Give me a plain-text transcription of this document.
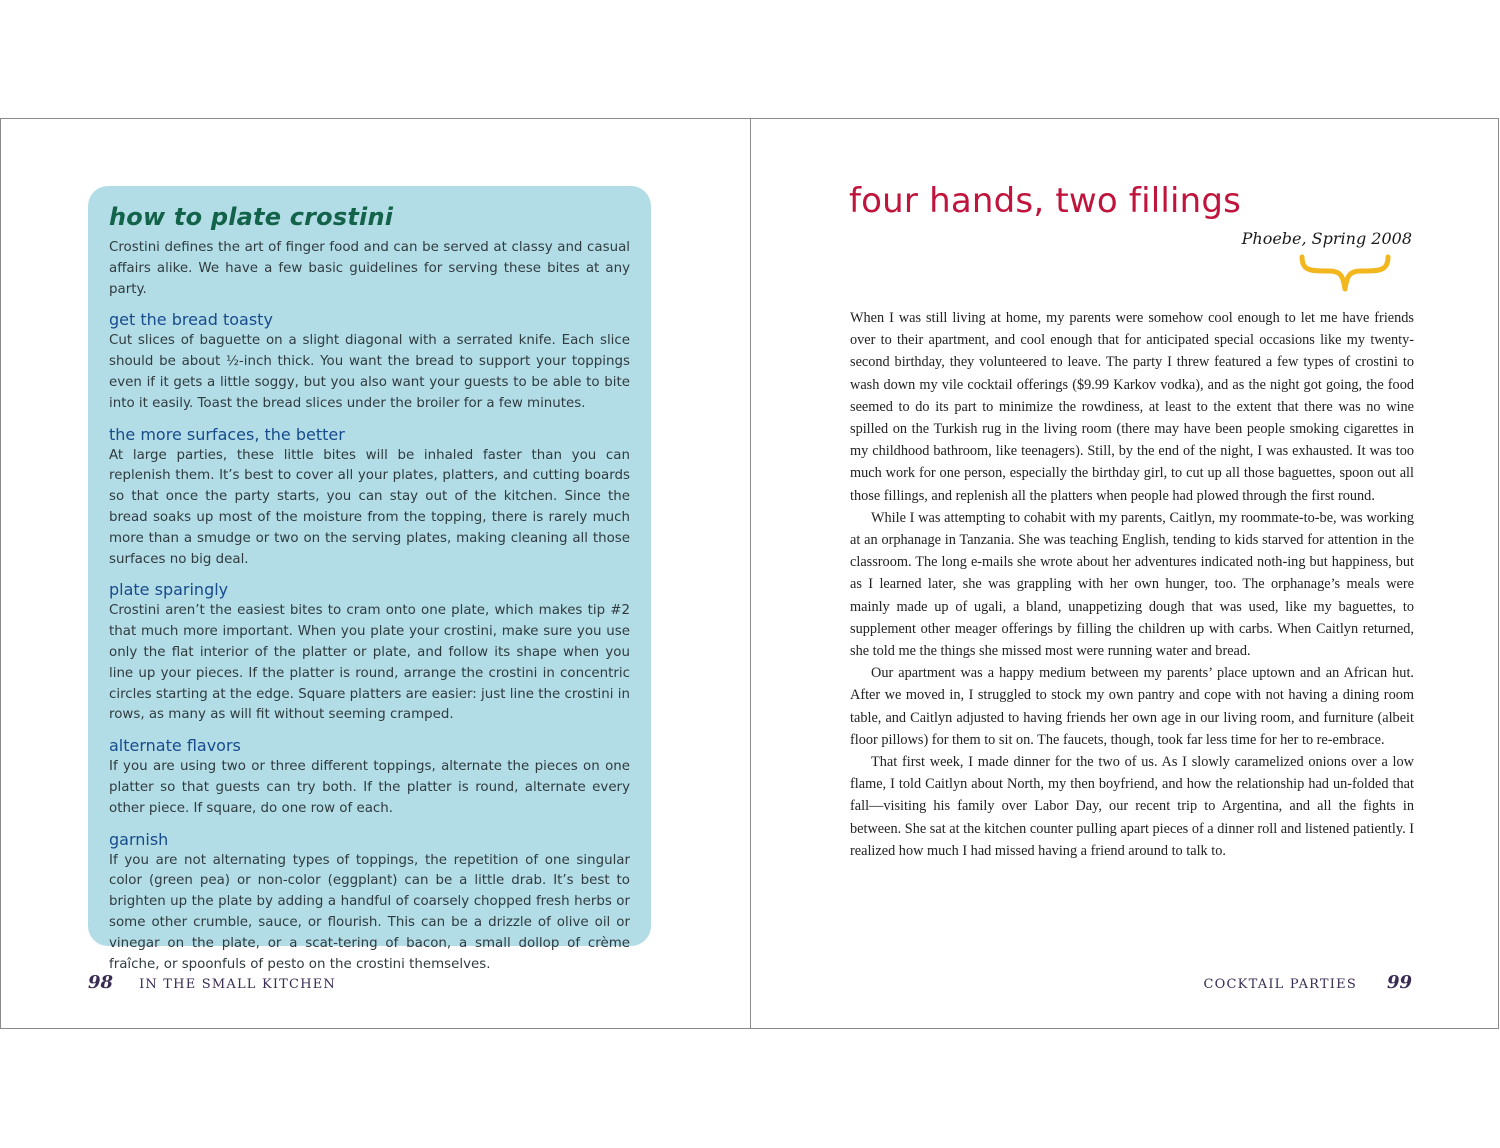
how to plate crostini

Crostini defines the art of finger food and can be served at classy and casual affairs alike. We have a few basic guidelines for serving these bites at any party.

get the bread toasty

Cut slices of baguette on a slight diagonal with a serrated knife. Each slice should be about ½-inch thick. You want the bread to support your toppings even if it gets a little soggy, but you also want your guests to be able to bite into it easily. Toast the bread slices under the broiler for a few minutes.

the more surfaces, the better

At large parties, these little bites will be inhaled faster than you can replenish them. It’s best to cover all your plates, platters, and cutting boards so that once the party starts, you can stay out of the kitchen. Since the bread soaks up most of the moisture from the topping, there is rarely much more than a smudge or two on the serving plates, making cleaning all those surfaces no big deal.

plate sparingly

Crostini aren’t the easiest bites to cram onto one plate, which makes tip #2 that much more important. When you plate your crostini, make sure you use only the flat interior of the platter or plate, and follow its shape when you line up your pieces. If the platter is round, arrange the crostini in concentric circles starting at the edge. Square platters are easier: just line the crostini in rows, as many as will fit without seeming cramped.

alternate flavors

If you are using two or three different toppings, alternate the pieces on one platter so that guests can try both. If the platter is round, alternate every other piece. If square, do one row of each.

garnish

If you are not alternating types of toppings, the repetition of one singular color (green pea) or non-color (eggplant) can be a little drab. It’s best to brighten up the plate by adding a handful of coarsely chopped fresh herbs or some other crumble, sauce, or flourish. This can be a drizzle of olive oil or vinegar on the plate, or a scat-tering of bacon, a small dollop of crème fraîche, or spoonfuls of pesto on the crostini themselves.

98 IN THE SMALL KITCHEN
four hands, two fillings
Phoebe, Spring 2008

When I was still living at home, my parents were somehow cool enough to let me have friends over to their apartment, and cool enough that for anticipated special occasions like my twenty-second birthday, they volunteered to leave. The party I threw featured a few types of crostini to wash down my vile cocktail offerings ($9.99 Karkov vodka), and as the night got going, the food seemed to do its part to minimize the rowdiness, at least to the extent that there was no wine spilled on the Turkish rug in the living room (there may have been people smoking cigarettes in my childhood bathroom, like teenagers). Still, by the end of the night, I was exhausted. It was too much work for one person, especially the birthday girl, to cut up all those baguettes, spoon out all those fillings, and replenish all the platters when people had plowed through the first round.

While I was attempting to cohabit with my parents, Caitlyn, my roommate-to-be, was working at an orphanage in Tanzania. She was teaching English, tending to kids starved for attention in the classroom. The long e-mails she wrote about her adventures indicated noth-ing but happiness, but as I learned later, she was grappling with her own hunger, too. The orphanage’s meals were mainly made up of ugali, a bland, unappetizing dough that was used, like my baguettes, to supplement other meager offerings by filling the children up with carbs. When Caitlyn returned, she told me the things she missed most were running water and bread.

Our apartment was a happy medium between my parents’ place uptown and an African hut. After we moved in, I struggled to stock my own pantry and cope with not having a dining room table, and Caitlyn adjusted to having friends her own age in our living room, and furniture (albeit floor pillows) for them to sit on. The faucets, though, took far less time for her to re-embrace.

That first week, I made dinner for the two of us. As I slowly caramelized onions over a low flame, I told Caitlyn about North, my then boyfriend, and how the relationship had un-folded that fall—visiting his family over Labor Day, our recent trip to Argentina, and all the fights in between. She sat at the kitchen counter pulling apart pieces of a dinner roll and listened patiently. I realized how much I had missed having a friend around to talk to.

COCKTAIL PARTIES 99
